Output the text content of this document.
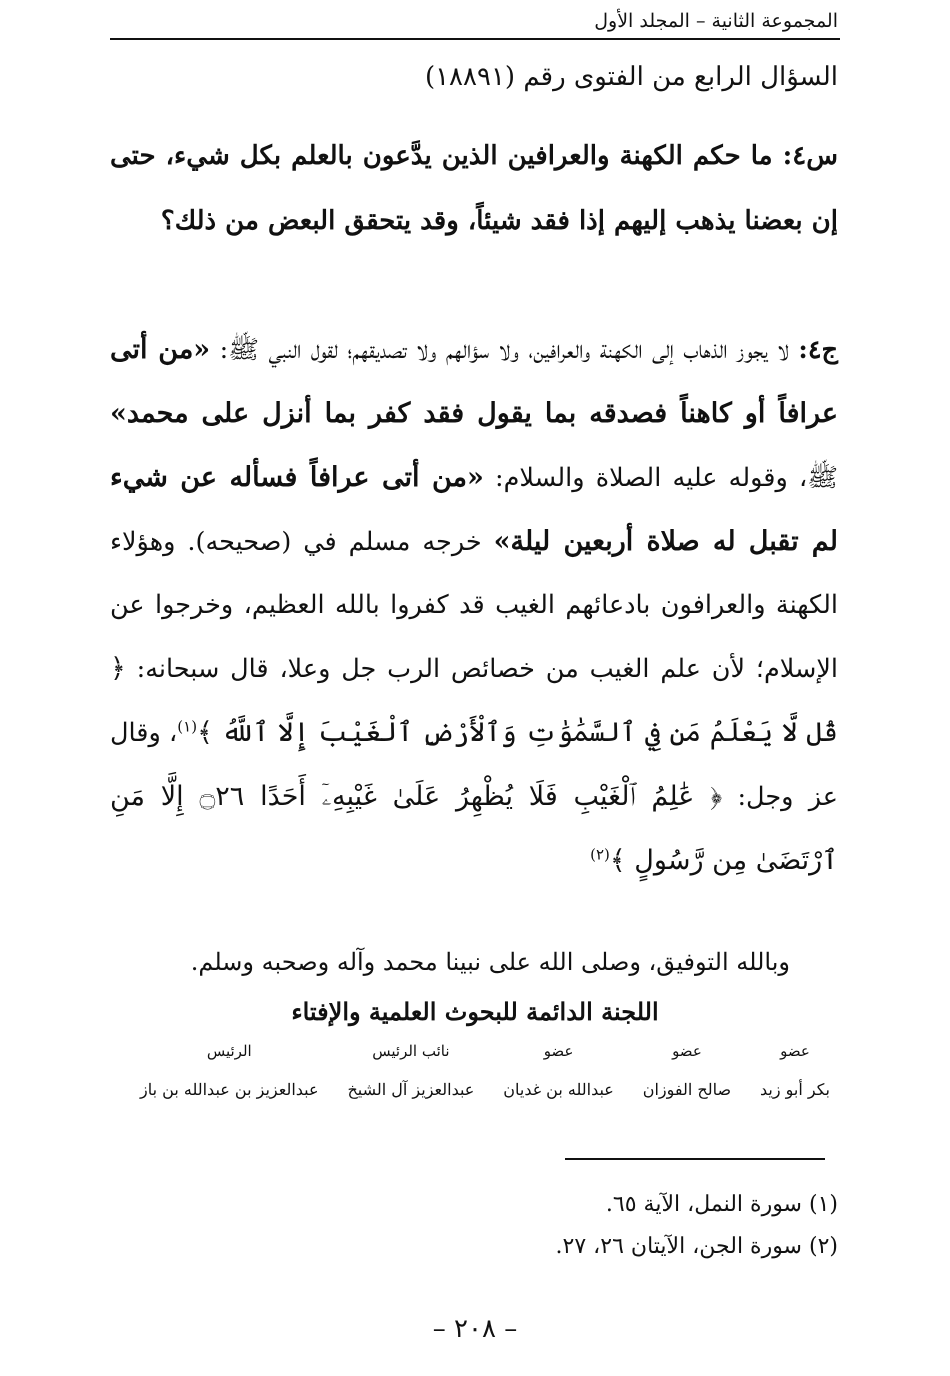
المجموعة الثانية – المجلد الأول
السؤال الرابع من الفتوى رقم (١٨٨٩١)
س٤: ما حكم الكهنة والعرافين الذين يدَّعون بالعلم بكل شيء، حتى إن بعضنا يذهب إليهم إذا فقد شيئاً، وقد يتحقق البعض من ذلك؟
ج٤: لا يجوز الذهاب إلى الكهنة والعرافين، ولا سؤالهم ولا تصديقهم؛ لقول النبي ﷺ: «من أتى عرافاً أو كاهناً فصدقه بما يقول فقد كفر بما أنزل على محمد» ﷺ، وقوله عليه الصلاة والسلام: «من أتى عرافاً فسأله عن شيء لم تقبل له صلاة أربعين ليلة» خرجه مسلم في (صحيحه). وهؤلاء الكهنة والعرافون بادعائهم الغيب قد كفروا بالله العظيم، وخرجوا عن الإسلام؛ لأن علم الغيب من خصائص الرب جل وعلا، قال سبحانه: ﴿ قُل لَّا يَعْلَمُ مَن فِي ٱلسَّمَٰوَٰتِ وَٱلْأَرْضِ ٱلْغَيْبَ إِلَّا ٱللَّهُ ﴾$^{(١)}$، وقال عز وجل: ﴿ عَٰلِمُ ٱلْغَيْبِ فَلَا يُظْهِرُ عَلَىٰ غَيْبِهِۦٓ أَحَدًا ۝٢٦ إِلَّا مَنِ ٱرْتَضَىٰ مِن رَّسُولٍ ﴾$^{(٢)}$
وبالله التوفيق، وصلى الله على نبينا محمد وآله وصحبه وسلم.
اللجنة الدائمة للبحوث العلمية والإفتاء
عضو
بكر أبو زيد
عضو
صالح الفوزان
عضو
عبدالله بن غديان
نائب الرئيس
عبدالعزيز آل الشيخ
الرئيس
عبدالعزيز بن عبدالله بن باز
(١) سورة النمل، الآية ٦٥.
(٢) سورة الجن، الآيتان ٢٦، ٢٧.
– ٢٠٨ –
